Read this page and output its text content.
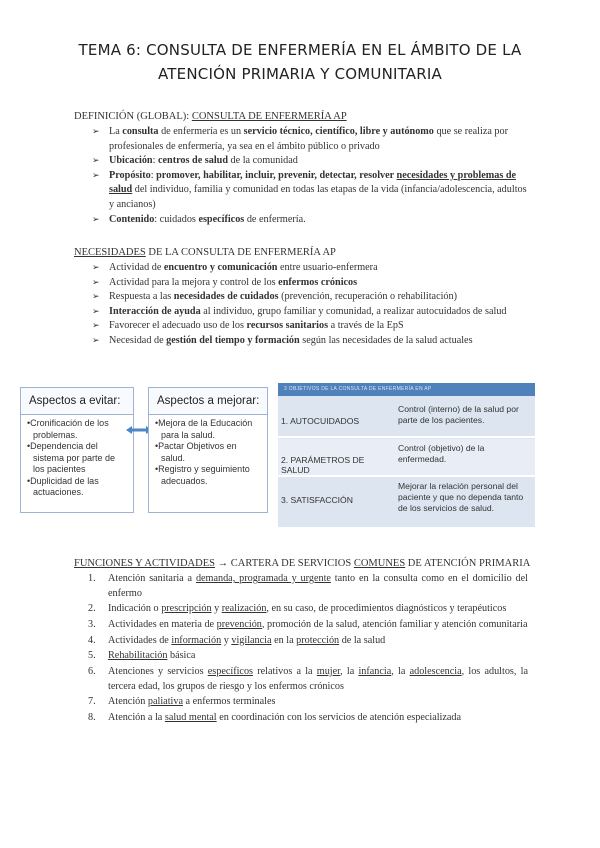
TEMA 6: CONSULTA DE ENFERMERÍA EN EL ÁMBITO DE LA
ATENCIÓN PRIMARIA Y COMUNITARIA
DEFINICIÓN (GLOBAL): CONSULTA DE ENFERMERÍA AP
➢ La consulta de enfermería es un servicio técnico, científico, libre y autónomo que se realiza por profesionales de enfermería, ya sea en el ámbito público o privado
➢ Ubicación: centros de salud de la comunidad
➢ Propósito: promover, habilitar, incluir, prevenir, detectar, resolver necesidades y problemas de salud del individuo, familia y comunidad en todas las etapas de la vida (infancia/adolescencia, adultos y ancianos)
➢ Contenido: cuidados específicos de enfermería.
NECESIDADES DE LA CONSULTA DE ENFERMERÍA AP
➢ Actividad de encuentro y comunicación entre usuario-enfermera
➢ Actividad para la mejora y control de los enfermos crónicos
➢ Respuesta a las necesidades de cuidados (prevención, recuperación o rehabilitación)
➢ Interacción de ayuda al individuo, grupo familiar y comunidad, a realizar autocuidados de salud
➢ Favorecer el adecuado uso de los recursos sanitarios a través de la EpS
➢ Necesidad de gestión del tiempo y formación según las necesidades de la salud actuales
Aspectos a evitar:
•Cronificación de los problemas.
•Dependencia del sistema por parte de los pacientes
•Duplicidad de las actuaciones.
Aspectos a mejorar:
•Mejora de la Educación para la salud.
•Pactar Objetivos en salud.
•Registro y seguimiento adecuados.
3 OBJETIVOS DE LA CONSULTA DE ENFERMERÍA EN AP
1. AUTOCUIDADOS
Control (interno) de la salud por parte de los pacientes.
2. PARÁMETROS DE SALUD
Control (objetivo) de la enfermedad.
3. SATISFACCIÓN
Mejorar la relación personal del paciente y que no dependa tanto de los servicios de salud.
FUNCIONES Y ACTIVIDADES → CARTERA DE SERVICIOS COMUNES DE ATENCIÓN PRIMARIA
1. Atención sanitaria a demanda, programada y urgente tanto en la consulta como en el domicilio del enfermo
2. Indicación o prescripción y realización, en su caso, de procedimientos diagnósticos y terapéuticos
3. Actividades en materia de prevención, promoción de la salud, atención familiar y atención comunitaria
4. Actividades de información y vigilancia en la protección de la salud
5. Rehabilitación básica
6. Atenciones y servicios específicos relativos a la mujer, la infancia, la adolescencia, los adultos, la tercera edad, los grupos de riesgo y los enfermos crónicos
7. Atención paliativa a enfermos terminales
8. Atención a la salud mental en coordinación con los servicios de atención especializada
